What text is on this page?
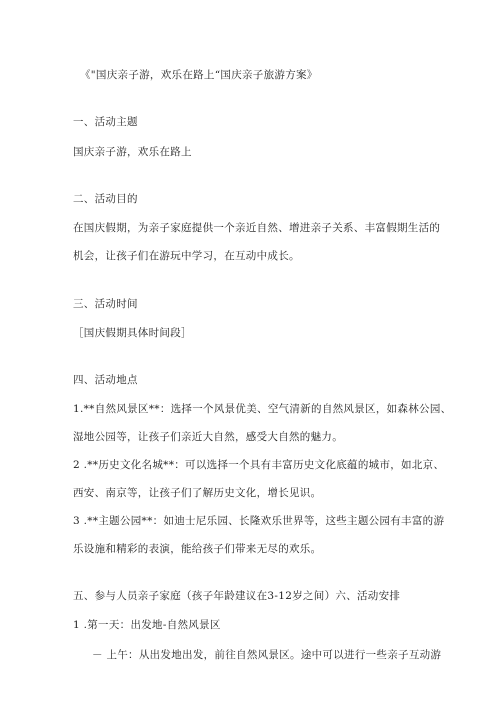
《"国庆亲子游，欢乐在路上“国庆亲子旅游方案》
一、活动主题
国庆亲子游，欢乐在路上
二、活动目的
在国庆假期，为亲子家庭提供一个亲近自然、增进亲子关系、丰富假期生活的
机会，让孩子们在游玩中学习，在互动中成长。
三、活动时间
［国庆假期具体时间段］
四、活动地点
1.**自然风景区**：选择一个风景优美、空气清新的自然风景区，如森林公园、
湿地公园等，让孩子们亲近大自然，感受大自然的魅力。
2 .**历史文化名城**：可以选择一个具有丰富历史文化底蕴的城市，如北京、
西安、南京等，让孩子们了解历史文化，增长见识。
3 .**主题公园**：如迪士尼乐园、长隆欢乐世界等，这些主题公园有丰富的游
乐设施和精彩的表演，能给孩子们带来无尽的欢乐。
五、参与人员亲子家庭（孩子年龄建议在3-12岁之间）六、活动安排
1 .第一天：出发地-自然风景区
－ 上午：从出发地出发，前往自然风景区。途中可以进行一些亲子互动游
